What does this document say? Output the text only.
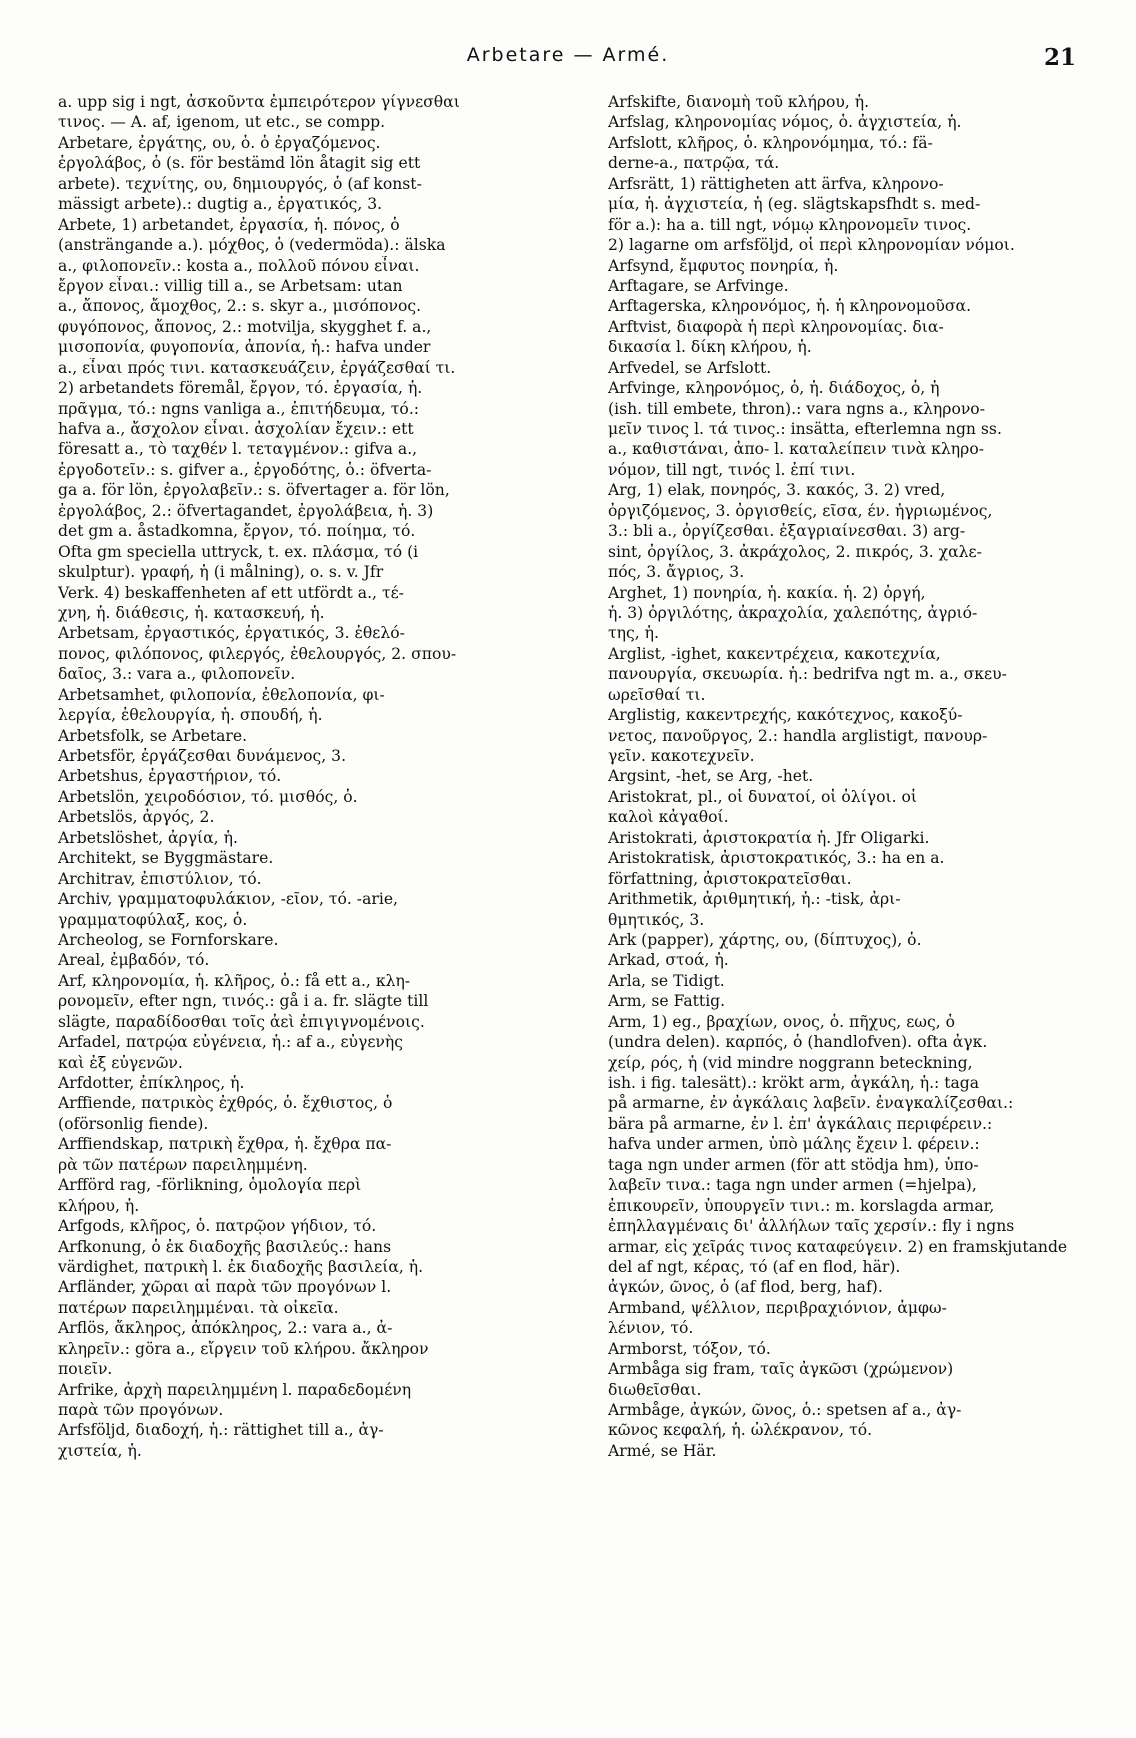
Arbetare — Armé.	21
a. upp sig i ngt, ἀσκοῦντα ἐμπειρότερον γίγνεσθαι
τινος. — A. af, igenom, ut etc., se compp.
Arbetare, ἐργάτης, ου, ὁ. ὁ ἐργαζόμενος.
ἐργολάβος, ὁ (s. för bestämd lön åtagit sig ett
arbete). τεχνίτης, ου, δημιουργός, ὁ (af konst-
mässigt arbete).: dugtig a., ἐργατικός, 3.
Arbete, 1) arbetandet, ἐργασία, ἡ. πόνος, ὁ
(ansträngande a.). μόχθος, ὁ (vedermöda).: älska
a., φιλοπονεῖν.: kosta a., πολλοῦ πόνου εἶναι.
ἔργον εἶναι.: villig till a., se Arbetsam: utan
a., ἄπονος, ἄμοχθος, 2.: s. skyr a., μισόπονος.
φυγόπονος, ἄπονος, 2.: motvilja, skygghet f. a.,
μισοπονία, φυγοπονία, ἀπονία, ἡ.: hafva under
a., εἶναι πρός τινι. κατασκευάζειν, ἐργάζεσθαί τι.
2) arbetandets föremål, ἔργον, τό. ἐργασία, ἡ.
πρᾶγμα, τό.: ngns vanliga a., ἐπιτήδευμα, τό.:
hafva a., ἄσχολον εἶναι. ἀσχολίαν ἔχειν.: ett
föresatt a., τὸ ταχθέν l. τεταγμένον.: gifva a.,
ἐργοδοτεῖν.: s. gifver a., ἐργοδότης, ὁ.: öfverta-
ga a. för lön, ἐργολαβεῖν.: s. öfvertager a. för lön,
ἐργολάβος, 2.: öfvertagandet, ἐργολάβεια, ἡ. 3)
det gm a. åstadkomna, ἔργον, τό. ποίημα, τό.
Ofta gm speciella uttryck, t. ex. πλάσμα, τό (i
skulptur). γραφή, ἡ (i målning), o. s. v. Jfr
Verk. 4) beskaffenheten af ett utfördt a., τέ-
χνη, ἡ. διάθεσις, ἡ. κατασκευή, ἡ.
Arbetsam, ἐργαστικός, ἐργατικός, 3. ἐθελό-
πονος, φιλόπονος, φιλεργός, ἐθελουργός, 2. σπου-
δαῖος, 3.: vara a., φιλοπονεῖν.
Arbetsamhet, φιλοπονία, ἐθελοπονία, φι-
λεργία, ἐθελουργία, ἡ. σπουδή, ἡ.
Arbetsfolk, se Arbetare.
Arbetsför, ἐργάζεσθαι δυνάμενος, 3.
Arbetshus, ἐργαστήριον, τό.
Arbetslön, χειροδόσιον, τό. μισθός, ὁ.
Arbetslös, ἀργός, 2.
Arbetslöshet, ἀργία, ἡ.
Architekt, se Byggmästare.
Architrav, ἐπιστύλιον, τό.
Archiv, γραμματοφυλάκιον, -εῖον, τό. -arie,
γραμματοφύλαξ, κος, ὁ.
Archeolog, se Fornforskare.
Areal, ἐμβαδόν, τό.
Arf, κληρονομία, ἡ. κλῆρος, ὁ.: få ett a., κλη-
ρονομεῖν, efter ngn, τινός.: gå i a. fr. slägte till
slägte, παραδίδοσθαι τοῖς ἀεὶ ἐπιγιγνομένοις.
Arfadel, πατρῴα εὐγένεια, ἡ.: af a., εὐγενὴς
καὶ ἐξ εὐγενῶν.
Arfdotter, ἐπίκληρος, ἡ.
Arffiende, πατρικὸς ἐχθρός, ὁ. ἔχθιστος, ὁ
(oförsonlig fiende).
Arffiendskap, πατρικὴ ἔχθρα, ἡ. ἔχθρα πα-
ρὰ τῶν πατέρων παρειλημμένη.
Arfförd rag, -förlikning, ὁμολογία περὶ
κλήρου, ἡ.
Arfgods, κλῆρος, ὁ. πατρῷον γήδιον, τό.
Arfkonung, ὁ ἐκ διαδοχῆς βασιλεύς.: hans
värdighet, πατρικὴ l. ἐκ διαδοχῆς βασιλεία, ἡ.
Arfländer, χῶραι αἱ παρὰ τῶν προγόνων l.
πατέρων παρειλημμέναι. τὰ οἰκεῖα.
Arflös, ἄκληρος, ἀπόκληρος, 2.: vara a., ἀ-
κληρεῖν.: göra a., εἴργειν τοῦ κλήρου. ἄκληρον
ποιεῖν.
Arfrike, ἀρχὴ παρειλημμένη l. παραδεδομένη
παρὰ τῶν προγόνων.
Arfsföljd, διαδοχή, ἡ.: rättighet till a., ἀγ-
χιστεία, ἡ.
Arfskifte, διανομὴ τοῦ κλήρου, ἡ.
Arfslag, κληρονομίας νόμος, ὁ. ἀγχιστεία, ἡ.
Arfslott, κλῆρος, ὁ. κληρονόμημα, τό.: fä-
derne-a., πατρῷα, τά.
Arfsrätt, 1) rättigheten att ärfva, κληρονο-
μία, ἡ. ἀγχιστεία, ἡ (eg. slägtskapsfhdt s. med-
för a.): ha a. till ngt, νόμῳ κληρονομεῖν τινος.
2) lagarne om arfsföljd, οἱ περὶ κληρονομίαν νόμοι.
Arfsynd, ἔμφυτος πονηρία, ἡ.
Arftagare, se Arfvinge.
Arftagerska, κληρονόμος, ἡ. ἡ κληρονομοῦσα.
Arftvist, διαφορὰ ἡ περὶ κληρονομίας. δια-
δικασία l. δίκη κλήρου, ἡ.
Arfvedel, se Arfslott.
Arfvinge, κληρονόμος, ὁ, ἡ. διάδοχος, ὁ, ἡ
(ish. till embete, thron).: vara ngns a., κληρονο-
μεῖν τινος l. τά τινος.: insätta, efterlemna ngn ss.
a., καθιστάναι, ἀπο- l. καταλείπειν τινὰ κληρο-
νόμον, till ngt, τινός l. ἐπί τινι.
Arg, 1) elak, πονηρός, 3. κακός, 3. 2) vred,
ὀργιζόμενος, 3. ὀργισθείς, εῖσα, έν. ἠγριωμένος,
3.: bli a., ὀργίζεσθαι. ἐξαγριαίνεσθαι. 3) arg-
sint, ὀργίλος, 3. ἀκράχολος, 2. πικρός, 3. χαλε-
πός, 3. ἄγριος, 3.
Arghet, 1) πονηρία, ἡ. κακία. ἡ. 2) ὀργή,
ἡ. 3) ὀργιλότης, ἀκραχολία, χαλεπότης, ἀγριό-
της, ἡ.
Arglist, -ighet, κακεντρέχεια, κακοτεχνία,
πανουργία, σκευωρία. ἡ.: bedrifva ngt m. a., σκευ-
ωρεῖσθαί τι.
Arglistig, κακεντρεχής, κακότεχνος, κακοξύ-
νετος, πανοῦργος, 2.: handla arglistigt, πανουρ-
γεῖν. κακοτεχνεῖν.
Argsint, -het, se Arg, -het.
Aristokrat, pl., οἱ δυνατοί, οἱ ὀλίγοι. οἱ
καλοὶ κἀγαθοί.
Aristokrati, ἀριστοκρατία ἡ. Jfr Oligarki.
Aristokratisk, ἀριστοκρατικός, 3.: ha en a.
författning, ἀριστοκρατεῖσθαι.
Arithmetik, ἀριθμητική, ἡ.: -tisk, ἀρι-
θμητικός, 3.
Ark (papper), χάρτης, ου, (δίπτυχος), ὁ.
Arkad, στοά, ἡ.
Arla, se Tidigt.
Arm, se Fattig.
Arm, 1) eg., βραχίων, ονος, ὁ. πῆχυς, εως, ὁ
(undra delen). καρπός, ὁ (handlofven). ofta ἀγκ.
χείρ, ρός, ἡ (vid mindre noggrann beteckning,
ish. i fig. talesätt).: krökt arm, ἀγκάλη, ἡ.: taga
på armarne, ἐν ἀγκάλαις λαβεῖν. ἐναγκαλίζεσθαι.:
bära på armarne, ἐν l. ἐπ' ἀγκάλαις περιφέρειν.:
hafva under armen, ὑπὸ μάλης ἔχειν l. φέρειν.:
taga ngn under armen (för att stödja hm), ὑπο-
λαβεῖν τινα.: taga ngn under armen (=hjelpa),
ἐπικουρεῖν, ὑπουργεῖν τινι.: m. korslagda armar,
ἐπηλλαγμέναις δι' ἀλλήλων ταῖς χερσίν.: fly i ngns
armar, εἰς χεῖράς τινος καταφεύγειν. 2) en framskjutande
del af ngt, κέρας, τό (af en flod, här).
ἀγκών, ῶνος, ὁ (af flod, berg, haf).
Armband, ψέλλιον, περιβραχιόνιον, ἀμφω-
λένιον, τό.
Armborst, τόξον, τό.
Armbåga sig fram, ταῖς ἀγκῶσι (χρώμενον)
διωθεῖσθαι.
Armbåge, ἀγκών, ῶνος, ὁ.: spetsen af a., ἀγ-
κῶνος κεφαλή, ἡ. ὠλέκρανον, τό.
Armé, se Här.
